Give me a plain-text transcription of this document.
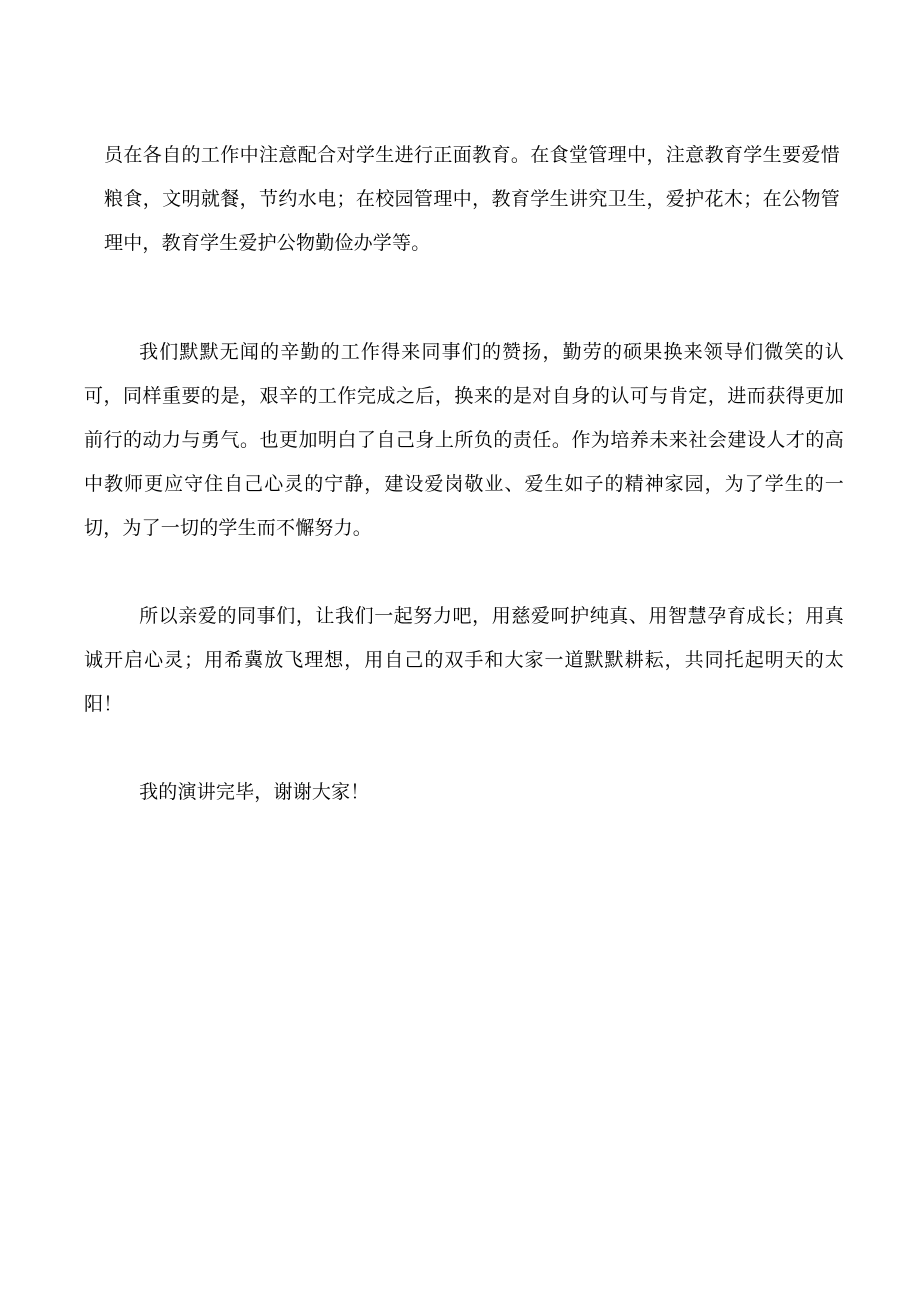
员在各自的工作中注意配合对学生进行正面教育。在食堂管理中，注意教育学生要爱惜粮食，文明就餐，节约水电；在校园管理中，教育学生讲究卫生，爱护花木；在公物管理中，教育学生爱护公物勤俭办学等。

我们默默无闻的辛勤的工作得来同事们的赞扬，勤劳的硕果换来领导们微笑的认可，同样重要的是，艰辛的工作完成之后，换来的是对自身的认可与肯定，进而获得更加前行的动力与勇气。也更加明白了自己身上所负的责任。作为培养未来社会建设人才的高中教师更应守住自己心灵的宁静，建设爱岗敬业、爱生如子的精神家园，为了学生的一切，为了一切的学生而不懈努力。

所以亲爱的同事们，让我们一起努力吧，用慈爱呵护纯真、用智慧孕育成长；用真诚开启心灵；用希冀放飞理想，用自己的双手和大家一道默默耕耘，共同托起明天的太阳！

我的演讲完毕，谢谢大家！
